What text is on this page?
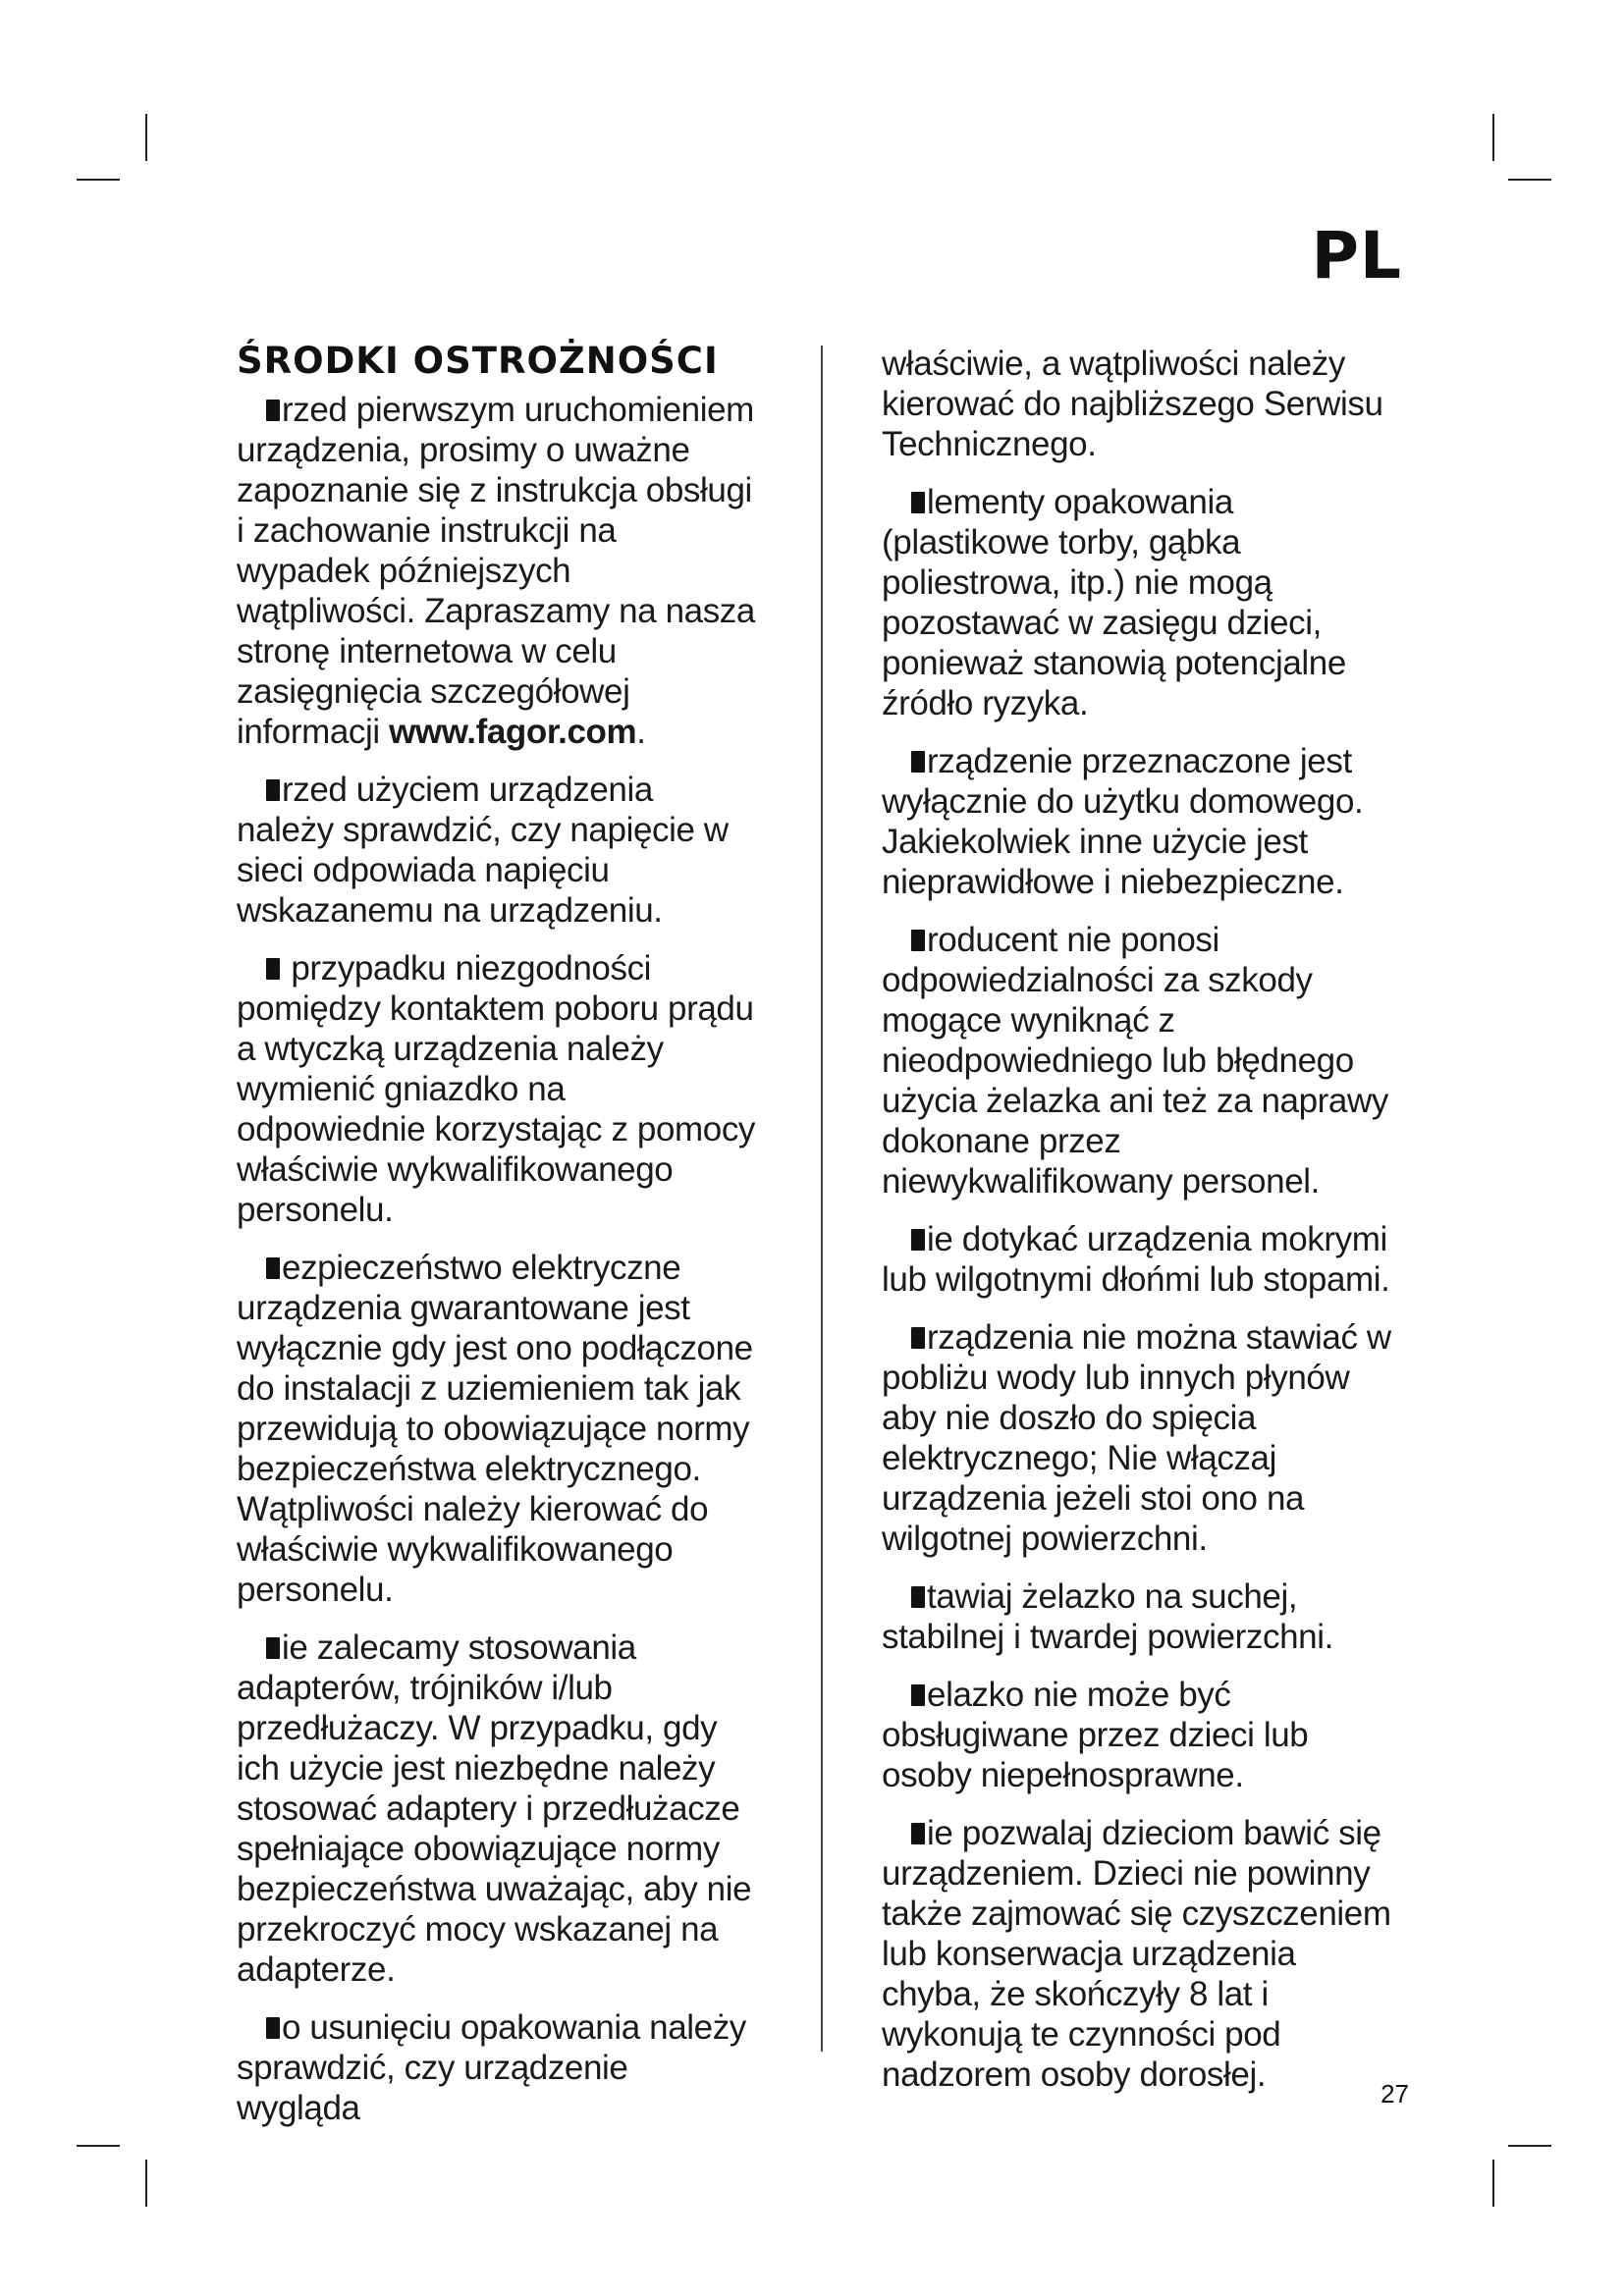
PL
ŚRODKI OSTROŻNOŚCI

rzed pierwszym uruchomieniem urządzenia, prosimy o uważne zapoznanie się z instrukcja obsługi i zachowanie instrukcji na wypadek późniejszych wątpliwości. Zapraszamy na nasza stronę internetowa w celu zasięgnięcia szczegółowej informacji www.fagor.com.

rzed użyciem urządzenia należy sprawdzić, czy napięcie w sieci odpowiada napięciu wskazanemu na urządzeniu.

przypadku niezgodności pomiędzy kontaktem poboru prądu a wtyczką urządzenia należy wymienić gniazdko na odpowiednie korzystając z pomocy właściwie wykwalifikowanego personelu.

ezpieczeństwo elektryczne urządzenia gwarantowane jest wyłącznie gdy jest ono podłączone do instalacji z uziemieniem tak jak przewidują to obowiązujące normy bezpieczeństwa elektrycznego. Wątpliwości należy kierować do właściwie wykwalifikowanego personelu.

ie zalecamy stosowania adapterów, trójników i/lub przedłużaczy. W przypadku, gdy ich użycie jest niezbędne należy stosować adaptery i przedłużacze spełniające obowiązujące normy bezpieczeństwa uważając, aby nie przekroczyć mocy wskazanej na adapterze.

o usunięciu opakowania należy sprawdzić, czy urządzenie wygląda

właściwie, a wątpliwości należy kierować do najbliższego Serwisu Technicznego.

lementy opakowania (plastikowe torby, gąbka poliestrowa, itp.) nie mogą pozostawać w zasięgu dzieci, ponieważ stanowią potencjalne źródło ryzyka.

rządzenie przeznaczone jest wyłącznie do użytku domowego. Jakiekolwiek inne użycie jest nieprawidłowe i niebezpieczne.

roducent nie ponosi odpowiedzialności za szkody mogące wyniknąć z nieodpowiedniego lub błędnego użycia żelazka ani też za naprawy dokonane przez niewykwalifikowany personel.

ie dotykać urządzenia mokrymi lub wilgotnymi dłońmi lub stopami.

rządzenia nie można stawiać w pobliżu wody lub innych płynów aby nie doszło do spięcia elektrycznego; Nie włączaj urządzenia jeżeli stoi ono na wilgotnej powierzchni.

tawiaj żelazko na suchej, stabilnej i twardej powierzchni.

elazko nie może być obsługiwane przez dzieci lub osoby niepełnosprawne.

ie pozwalaj dzieciom bawić się urządzeniem. Dzieci nie powinny także zajmować się czyszczeniem lub konserwacja urządzenia chyba, że skończyły 8 lat i wykonują te czynności pod nadzorem osoby dorosłej.	27
